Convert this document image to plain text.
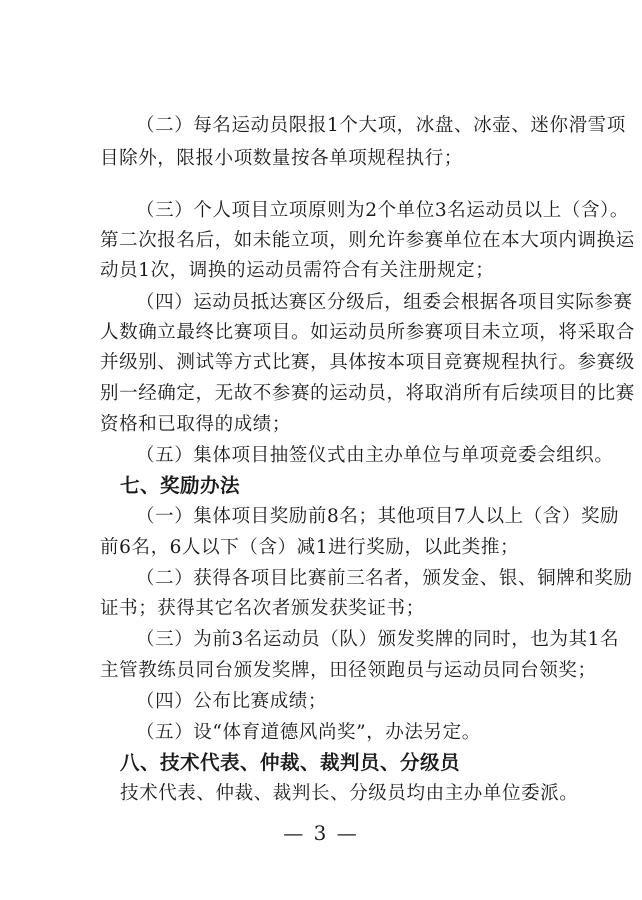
（二）每名运动员限报1个大项，冰盘、冰壶、迷你滑雪项
目除外，限报小项数量按各单项规程执行；
（三）个人项目立项原则为2个单位3名运动员以上（含）。
第二次报名后，如未能立项，则允许参赛单位在本大项内调换运
动员1次，调换的运动员需符合有关注册规定；
（四）运动员抵达赛区分级后，组委会根据各项目实际参赛
人数确立最终比赛项目。如运动员所参赛项目未立项，将采取合
并级别、测试等方式比赛，具体按本项目竞赛规程执行。参赛级
别一经确定，无故不参赛的运动员，将取消所有后续项目的比赛
资格和已取得的成绩；
（五）集体项目抽签仪式由主办单位与单项竞委会组织。
七、奖励办法
（一）集体项目奖励前8名；其他项目7人以上（含）奖励
前6名，6人以下（含）减1进行奖励，以此类推；
（二）获得各项目比赛前三名者，颁发金、银、铜牌和奖励
证书；获得其它名次者颁发获奖证书；
（三）为前3名运动员（队）颁发奖牌的同时，也为其1名
主管教练员同台颁发奖牌，田径领跑员与运动员同台领奖；
（四）公布比赛成绩；
（五）设“体育道德风尚奖”，办法另定。
八、技术代表、仲裁、裁判员、分级员
技术代表、仲裁、裁判长、分级员均由主办单位委派。
— 3 —
